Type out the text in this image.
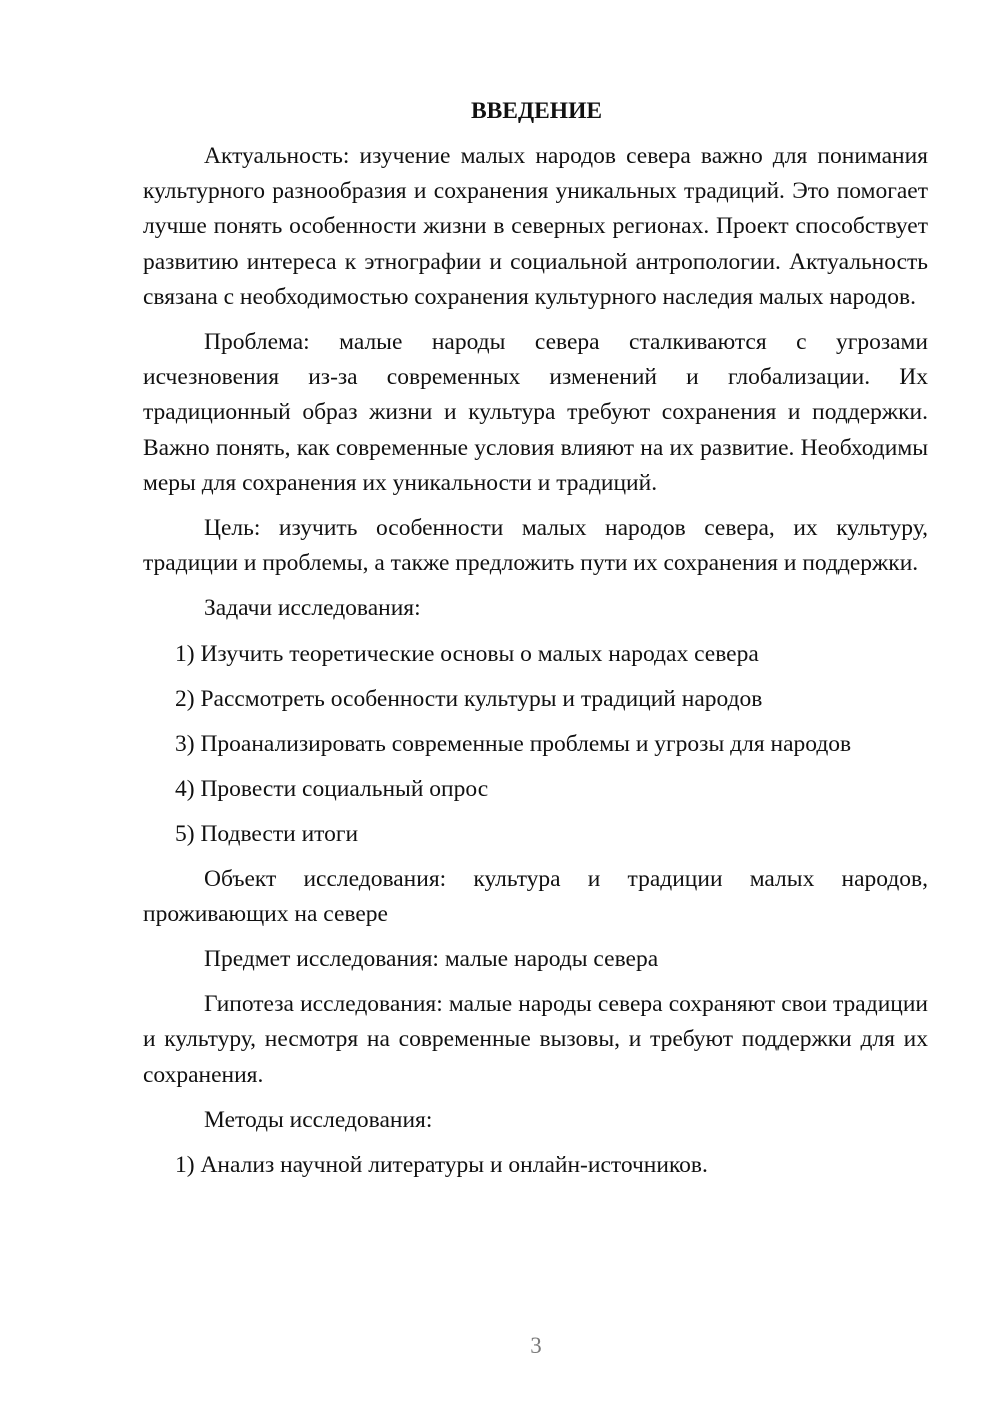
ВВЕДЕНИЕ

Актуальность: изучение малых народов севера важно для понимания культурного разнообразия и сохранения уникальных традиций. Это помогает лучше понять особенности жизни в северных регионах. Проект способствует развитию интереса к этнографии и социальной антропологии. Актуальность связана с необходимостью сохранения культурного наследия малых народов.

Проблема: малые народы севера сталкиваются с угрозами исчезновения из-за современных изменений и глобализации. Их традиционный образ жизни и культура требуют сохранения и поддержки. Важно понять, как современные условия влияют на их развитие. Необходимы меры для сохранения их уникальности и традиций.

Цель: изучить особенности малых народов севера, их культуру, традиции и проблемы, а также предложить пути их сохранения и поддержки.

Задачи исследования:

1) Изучить теоретические основы о малых народах севера
2) Рассмотреть особенности культуры и традиций народов
3) Проанализировать современные проблемы и угрозы для народов
4) Провести социальный опрос
5) Подвести итоги

Объект исследования: культура и традиции малых народов, проживающих на севере

Предмет исследования: малые народы севера

Гипотеза исследования: малые народы севера сохраняют свои традиции и культуру, несмотря на современные вызовы, и требуют поддержки для их сохранения.

Методы исследования:

1) Анализ научной литературы и онлайн-источников.
3
